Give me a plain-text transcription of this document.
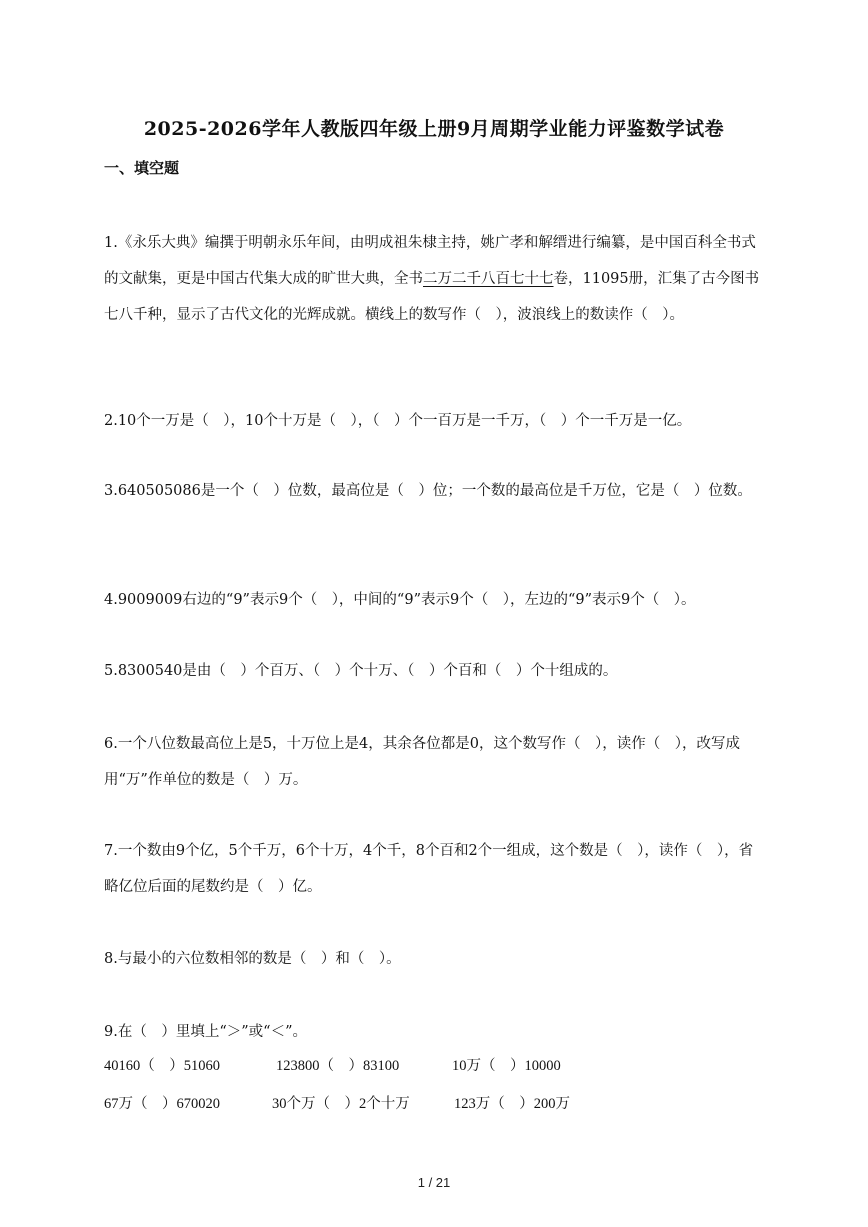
2025-2026学年人教版四年级上册9月周期学业能力评鉴数学试卷
一、填空题
1.《永乐大典》编撰于明朝永乐年间，由明成祖朱棣主持，姚广孝和解缙进行编纂，是中国百科全书式的文献集，更是中国古代集大成的旷世大典，全书二万二千八百七十七卷，11095册，汇集了古今图书七八千种，显示了古代文化的光辉成就。横线上的数写作（　），波浪线上的数读作（　）。
2.10个一万是（　），10个十万是（　），（　）个一百万是一千万，（　）个一千万是一亿。
3.640505086是一个（　）位数，最高位是（　）位；一个数的最高位是千万位，它是（　）位数。
4.9009009右边的“9”表示9个（　），中间的“9”表示9个（　），左边的“9”表示9个（　）。
5.8300540是由（　）个百万、（　）个十万、（　）个百和（　）个十组成的。
6.一个八位数最高位上是5，十万位上是4，其余各位都是0，这个数写作（　），读作（　），改写成用“万”作单位的数是（　）万。
7.一个数由9个亿，5个千万，6个十万，4个千，8个百和2个一组成，这个数是（　），读作（　），省略亿位后面的尾数约是（　）亿。
8.与最小的六位数相邻的数是（　）和（　）。
9.在（　）里填上“＞”或“＜”。
40160（　）51060	123800（　）83100	10万（　）10000
67万（　）670020	30个万（　）2个十万	123万（　）200万
1 / 21
